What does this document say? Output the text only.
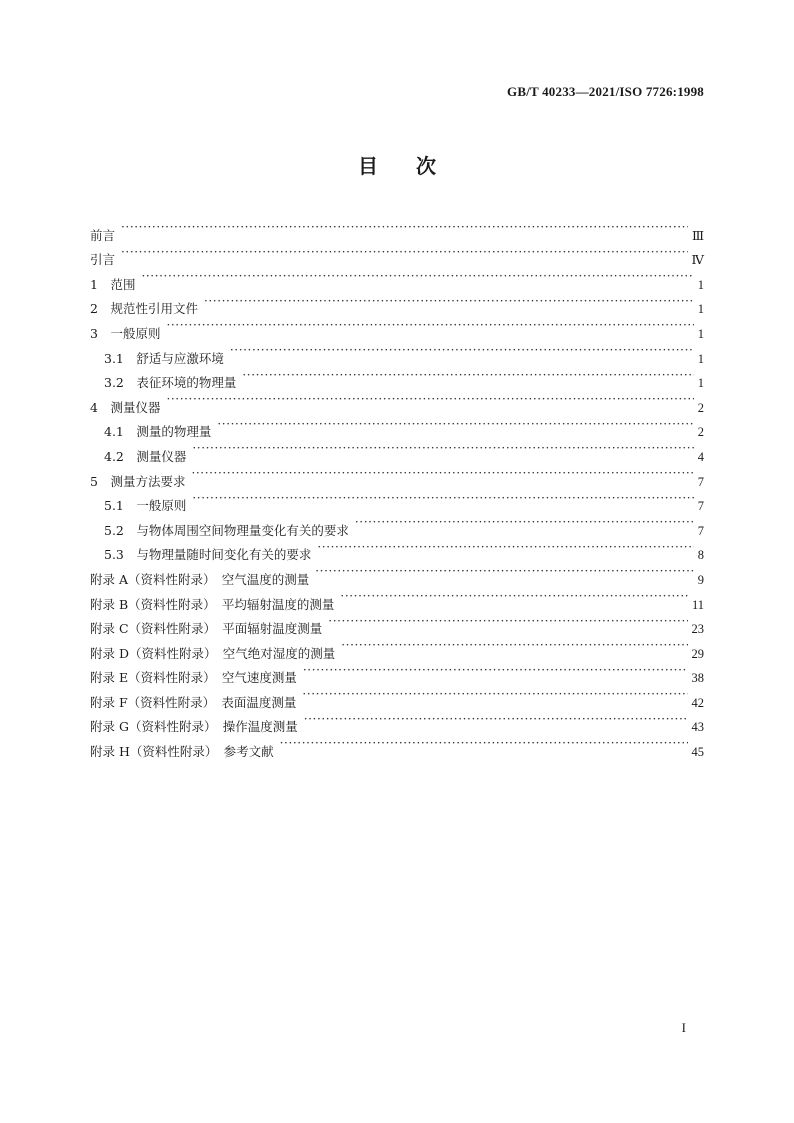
GB/T 40233—2021/ISO 7726:1998
目 次
前言 ·····	Ⅲ
引言 ·····	Ⅳ
1　范围 ·····	1
2　规范性引用文件 ·····	1
3　一般原则 ·····	1
3.1　舒适与应激环境 ·····	1
3.2　表征环境的物理量 ·····	1
4　测量仪器 ·····	2
4.1　测量的物理量 ·····	2
4.2　测量仪器 ·····	4
5　测量方法要求 ·····	7
5.1　一般原则 ·····	7
5.2　与物体周围空间物理量变化有关的要求 ·····	7
5.3　与物理量随时间变化有关的要求 ·····	8
附录 A（资料性附录）　空气温度的测量 ·····	9
附录 B（资料性附录）　平均辐射温度的测量 ·····	11
附录 C（资料性附录）　平面辐射温度测量 ·····	23
附录 D（资料性附录）　空气绝对湿度的测量 ·····	29
附录 E（资料性附录）　空气速度测量 ·····	38
附录 F（资料性附录）　表面温度测量 ·····	42
附录 G（资料性附录）　操作温度测量 ·····	43
附录 H（资料性附录）　参考文献 ·····	45
I
